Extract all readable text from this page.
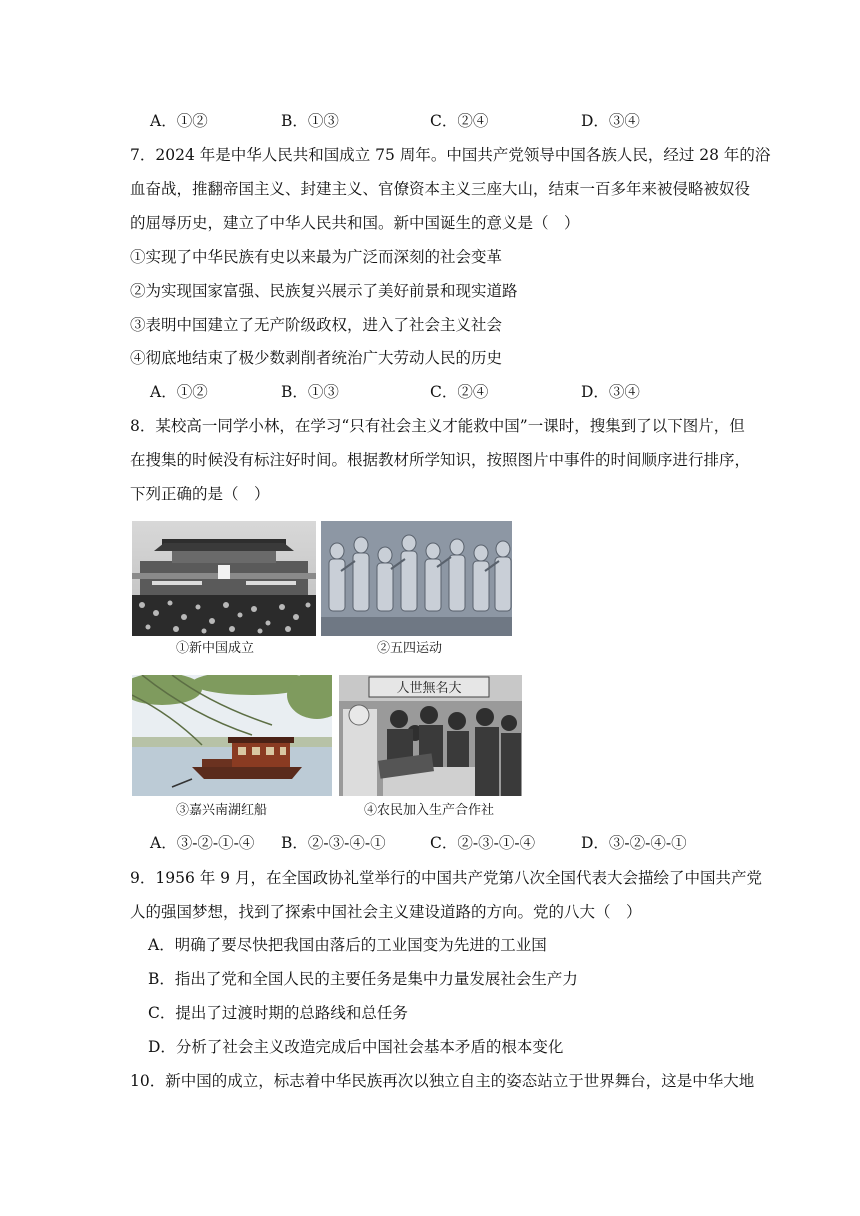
A．①②	B．①③	C．②④	D．③④
7．2024 年是中华人民共和国成立 75 周年。中国共产党领导中国各族人民，经过 28 年的浴
血奋战，推翻帝国主义、封建主义、官僚资本主义三座大山，结束一百多年来被侵略被奴役
的屈辱历史，建立了中华人民共和国。新中国诞生的意义是（　）
①实现了中华民族有史以来最为广泛而深刻的社会变革
②为实现国家富强、民族复兴展示了美好前景和现实道路
③表明中国建立了无产阶级政权，进入了社会主义社会
④彻底地结束了极少数剥削者统治广大劳动人民的历史
A．①②	B．①③	C．②④	D．③④
8．某校高一同学小林，在学习“只有社会主义才能救中国”一课时，搜集到了以下图片，但
在搜集的时候没有标注好时间。根据教材所学知识，按照图片中事件的时间顺序进行排序，
下列正确的是（　）
①新中国成立	②五四运动
③嘉兴南湖红船
人世無名大
④农民加入生产合作社
A．③-②-①-④ B．②-③-④-①	C．②-③-①-④	D．③-②-④-①
9．1956 年 9 月，在全国政协礼堂举行的中国共产党第八次全国代表大会描绘了中国共产党
人的强国梦想，找到了探索中国社会主义建设道路的方向。党的八大（　）
A．明确了要尽快把我国由落后的工业国变为先进的工业国
B．指出了党和全国人民的主要任务是集中力量发展社会生产力
C．提出了过渡时期的总路线和总任务
D．分析了社会主义改造完成后中国社会基本矛盾的根本变化
10．新中国的成立，标志着中华民族再次以独立自主的姿态站立于世界舞台，这是中华大地
